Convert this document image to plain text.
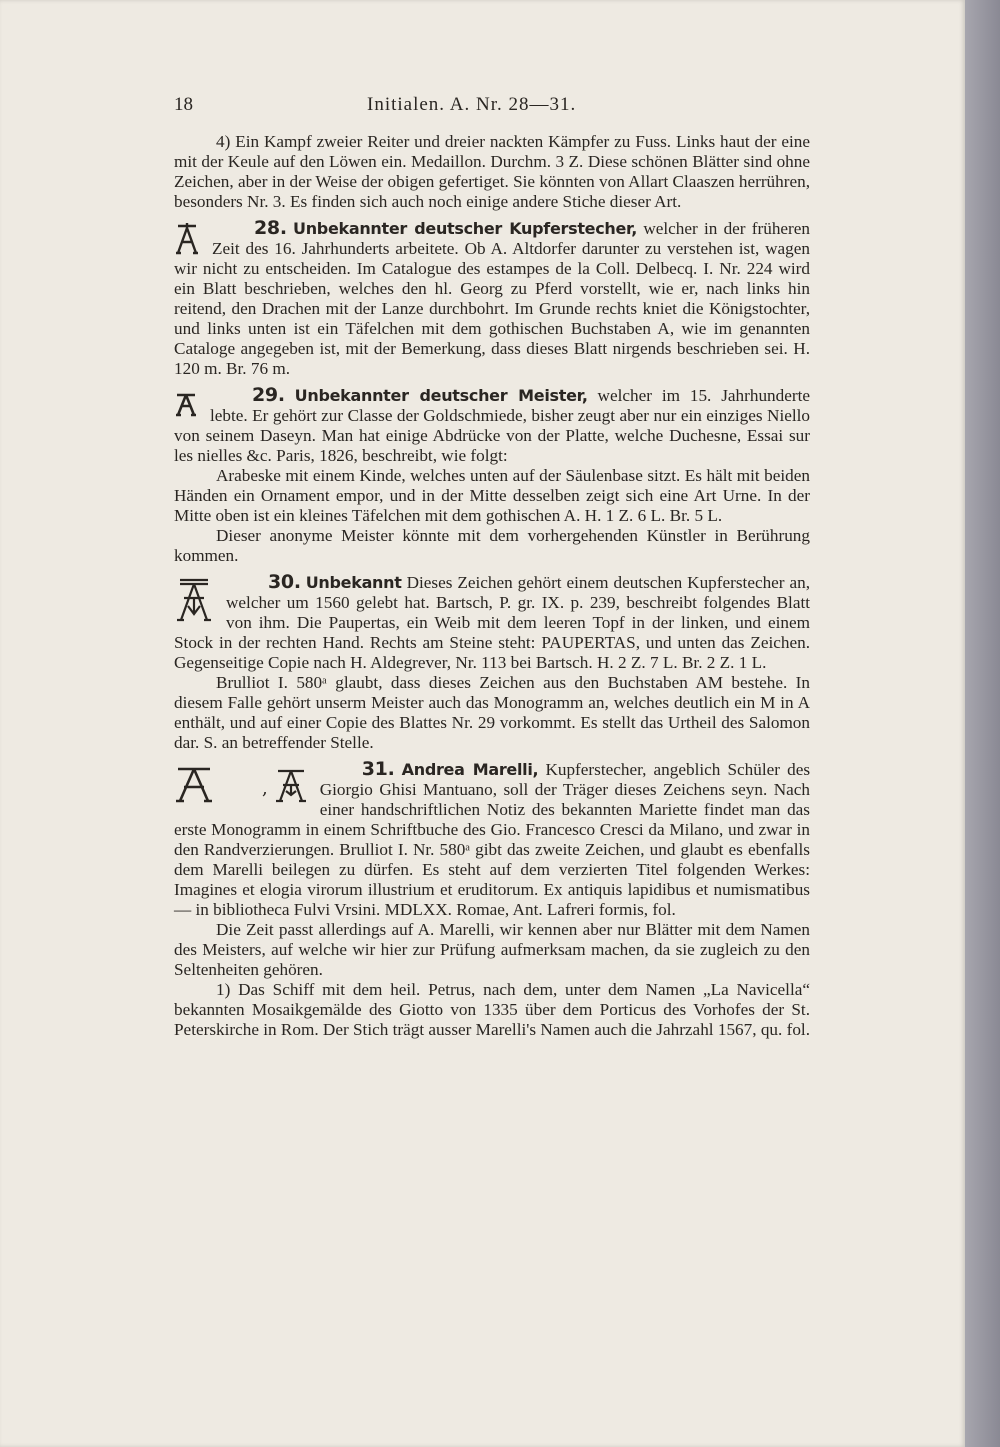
18	Initialen. A. Nr. 28—31.

4) Ein Kampf zweier Reiter und dreier nackten Kämpfer zu Fuss. Links haut der eine mit der Keule auf den Löwen ein. Medaillon. Durchm. 3 Z. Diese schönen Blätter sind ohne Zeichen, aber in der Weise der obigen gefertiget. Sie könnten von Allart Claaszen herrühren, besonders Nr. 3. Es finden sich auch noch einige andere Stiche dieser Art.

28. Unbekannter deutscher Kupferstecher, welcher in der früheren Zeit des 16. Jahrhunderts arbeitete. Ob A. Altdorfer darunter zu verstehen ist, wagen wir nicht zu entscheiden. Im Catalogue des estampes de la Coll. Delbecq. I. Nr. 224 wird ein Blatt beschrieben, welches den hl. Georg zu Pferd vorstellt, wie er, nach links hin reitend, den Drachen mit der Lanze durchbohrt. Im Grunde rechts kniet die Königstochter, und links unten ist ein Täfelchen mit dem gothischen Buchstaben A, wie im genannten Cataloge angegeben ist, mit der Bemerkung, dass dieses Blatt nirgends beschrieben sei. H. 120 m. Br. 76 m.

29. Unbekannter deutscher Meister, welcher im 15. Jahrhunderte lebte. Er gehört zur Classe der Goldschmiede, bisher zeugt aber nur ein einziges Niello von seinem Daseyn. Man hat einige Abdrücke von der Platte, welche Duchesne, Essai sur les nielles &c. Paris, 1826, beschreibt, wie folgt:

Arabeske mit einem Kinde, welches unten auf der Säulenbase sitzt. Es hält mit beiden Händen ein Ornament empor, und in der Mitte desselben zeigt sich eine Art Urne. In der Mitte oben ist ein kleines Täfelchen mit dem gothischen A. H. 1 Z. 6 L. Br. 5 L.

Dieser anonyme Meister könnte mit dem vorhergehenden Künstler in Berührung kommen.

30. Unbekannt Dieses Zeichen gehört einem deutschen Kupferstecher an, welcher um 1560 gelebt hat. Bartsch, P. gr. IX. p. 239, beschreibt folgendes Blatt von ihm. Die Paupertas, ein Weib mit dem leeren Topf in der linken, und einem Stock in der rechten Hand. Rechts am Steine steht: PAUPERTAS, und unten das Zeichen. Gegenseitige Copie nach H. Aldegrever, Nr. 113 bei Bartsch. H. 2 Z. 7 L. Br. 2 Z. 1 L.

Brulliot I. 580ᵃ glaubt, dass dieses Zeichen aus den Buchstaben AM bestehe. In diesem Falle gehört unserm Meister auch das Monogramm an, welches deutlich ein M in A enthält, und auf einer Copie des Blattes Nr. 29 vorkommt. Es stellt das Urtheil des Salomon dar. S. an betreffender Stelle.

31. Andrea Marelli,
,
Kupferstecher, angeblich Schüler des Giorgio Ghisi Mantuano, soll der Träger dieses Zeichens seyn. Nach einer handschriftlichen Notiz des bekannten Mariette findet man das erste Monogramm in einem Schriftbuche des Gio. Francesco Cresci da Milano, und zwar in den Randverzierungen. Brulliot I. Nr. 580ᵃ gibt das zweite Zeichen, und glaubt es ebenfalls dem Marelli beilegen zu dürfen. Es steht auf dem verzierten Titel folgenden Werkes: Imagines et elogia virorum illustrium et eruditorum. Ex antiquis lapidibus et numismatibus — in bibliotheca Fulvi Vrsini. MDLXX. Romae, Ant. Lafreri formis, fol.

Die Zeit passt allerdings auf A. Marelli, wir kennen aber nur Blätter mit dem Namen des Meisters, auf welche wir hier zur Prüfung aufmerksam machen, da sie zugleich zu den Seltenheiten gehören.

1) Das Schiff mit dem heil. Petrus, nach dem, unter dem Namen „La Navicella“ bekannten Mosaikgemälde des Giotto von 1335 über dem Porticus des Vorhofes der St. Peterskirche in Rom. Der Stich trägt ausser Marelli's Namen auch die Jahrzahl 1567, qu. fol.
